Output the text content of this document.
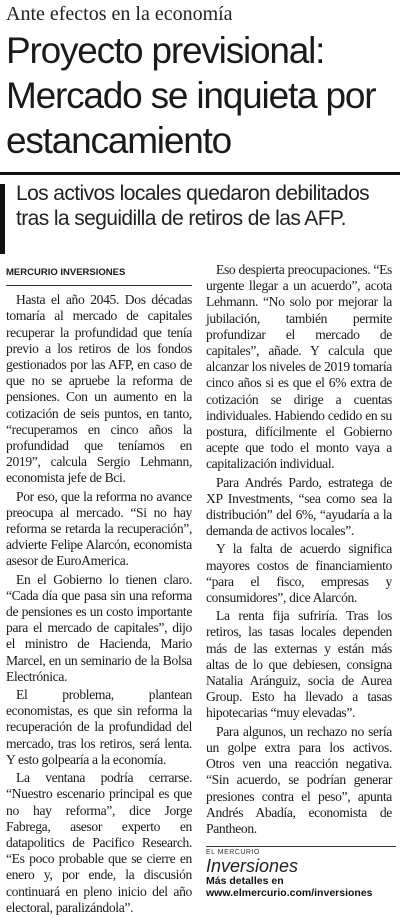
Ante efectos en la economía
Proyecto previsional: Mercado se inquieta por estancamiento
Los activos locales quedaron debilitados tras la seguidilla de retiros de las AFP.
MERCURIO INVERSIONES

Hasta el año 2045. Dos décadas tomaría al mercado de capitales recuperar la profundidad que tenía previo a los retiros de los fondos gestionados por las AFP, en caso de que no se apruebe la reforma de pensiones. Con un aumento en la cotización de seis puntos, en tanto, “recuperamos en cinco años la profundidad que teníamos en 2019”, calcula Sergio Lehmann, economista jefe de Bci.

Por eso, que la reforma no avance preocupa al mercado. “Si no hay reforma se retarda la recuperación”, advierte Felipe Alarcón, economista asesor de EuroAmerica.

En el Gobierno lo tienen claro. “Cada día que pasa sin una reforma de pensiones es un costo importante para el mercado de capitales”, dijo el ministro de Hacienda, Mario Marcel, en un seminario de la Bolsa Electrónica.

El problema, plantean economistas, es que sin reforma la recuperación de la profundidad del mercado, tras los retiros, será lenta. Y esto golpearía a la economía.

La ventana podría cerrarse. “Nuestro escenario principal es que no hay reforma”, dice Jorge Fabrega, asesor experto en datapolitics de Pacifico Research. “Es poco probable que se cierre en enero y, por ende, la discusión continuará en pleno inicio del año electoral, paralizándola”.

Eso despierta preocupaciones. “Es urgente llegar a un acuerdo”, acota Lehmann. “No solo por mejorar la jubilación, también permite profundizar el mercado de capitales”, añade. Y calcula que alcanzar los niveles de 2019 tomaría cinco años si es que el 6% extra de cotización se dirige a cuentas individuales. Habiendo cedido en su postura, difícilmente el Gobierno acepte que todo el monto vaya a capitalización individual.

Para Andrés Pardo, estratega de XP Investments, “sea como sea la distribución” del 6%, “ayudaría a la demanda de activos locales”.

Y la falta de acuerdo significa mayores costos de financiamiento “para el fisco, empresas y consumidores”, dice Alarcón.

La renta fija sufriría. Tras los retiros, las tasas locales dependen más de las externas y están más altas de lo que debiesen, consigna Natalia Aránguiz, socia de Aurea Group. Esto ha llevado a tasas hipotecarias “muy elevadas”.

Para algunos, un rechazo no sería un golpe extra para los activos. Otros ven una reacción negativa. “Sin acuerdo, se podrían generar presiones contra el peso”, apunta Andrés Abadía, economista de Pantheon.

EL MERCURIO
Inversiones
Más detalles en
www.elmercurio.com/inversiones
